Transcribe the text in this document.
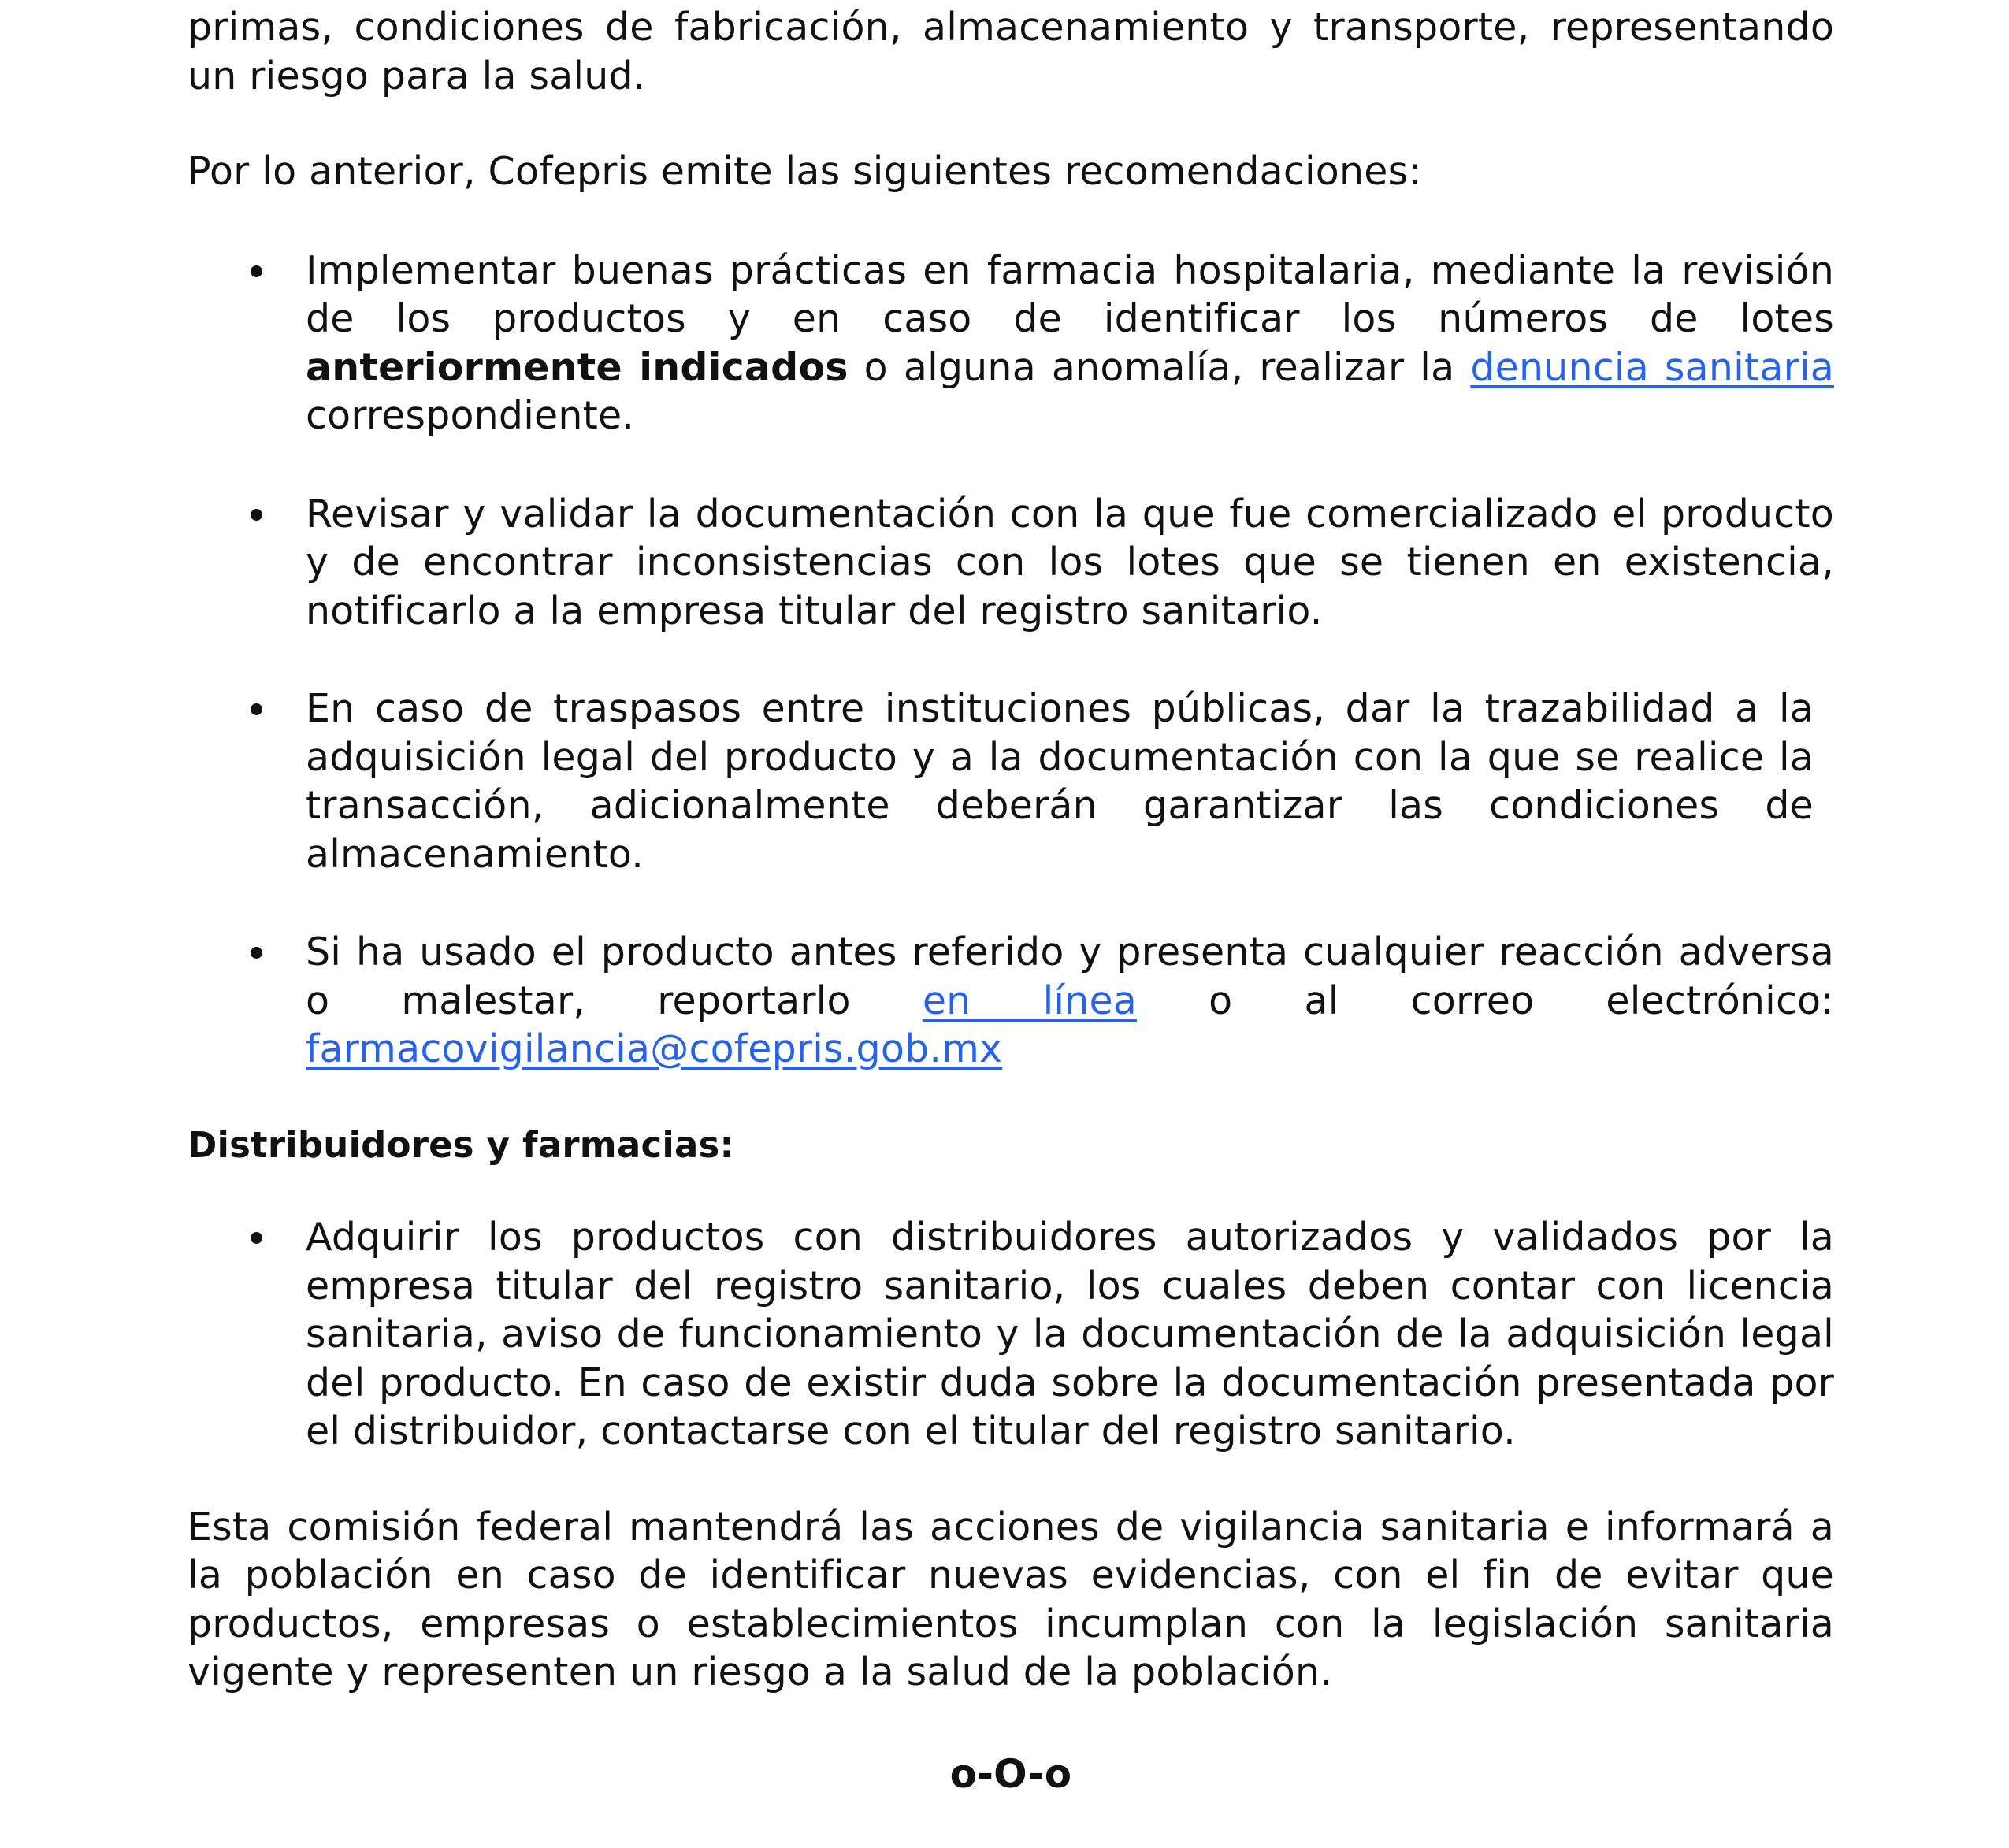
primas, condiciones de fabricación, almacenamiento y transporte, representando un riesgo para la salud.

Por lo anterior, Cofepris emite las siguientes recomendaciones:

Implementar buenas prácticas en farmacia hospitalaria, mediante la revisión de los productos y en caso de identificar los números de lotes anteriormente indicados o alguna anomalía, realizar la denuncia sanitaria correspondiente.
Revisar y validar la documentación con la que fue comercializado el producto y de encontrar inconsistencias con los lotes que se tienen en existencia, notificarlo a la empresa titular del registro sanitario.
En caso de traspasos entre instituciones públicas, dar la trazabilidad a la adquisición legal del producto y a la documentación con la que se realice la transacción, adicionalmente deberán garantizar las condiciones de almacenamiento.
Si ha usado el producto antes referido y presenta cualquier reacción adversa o malestar, reportarlo en línea o al correo electrónico: farmacovigilancia@cofepris.gob.mx

Distribuidores y farmacias:

Adquirir los productos con distribuidores autorizados y validados por la empresa titular del registro sanitario, los cuales deben contar con licencia sanitaria, aviso de funcionamiento y la documentación de la adquisición legal del producto. En caso de existir duda sobre la documentación presentada por el distribuidor, contactarse con el titular del registro sanitario.

Esta comisión federal mantendrá las acciones de vigilancia sanitaria e informará a la población en caso de identificar nuevas evidencias, con el fin de evitar que productos, empresas o establecimientos incumplan con la legislación sanitaria vigente y representen un riesgo a la salud de la población.

o-O-o
